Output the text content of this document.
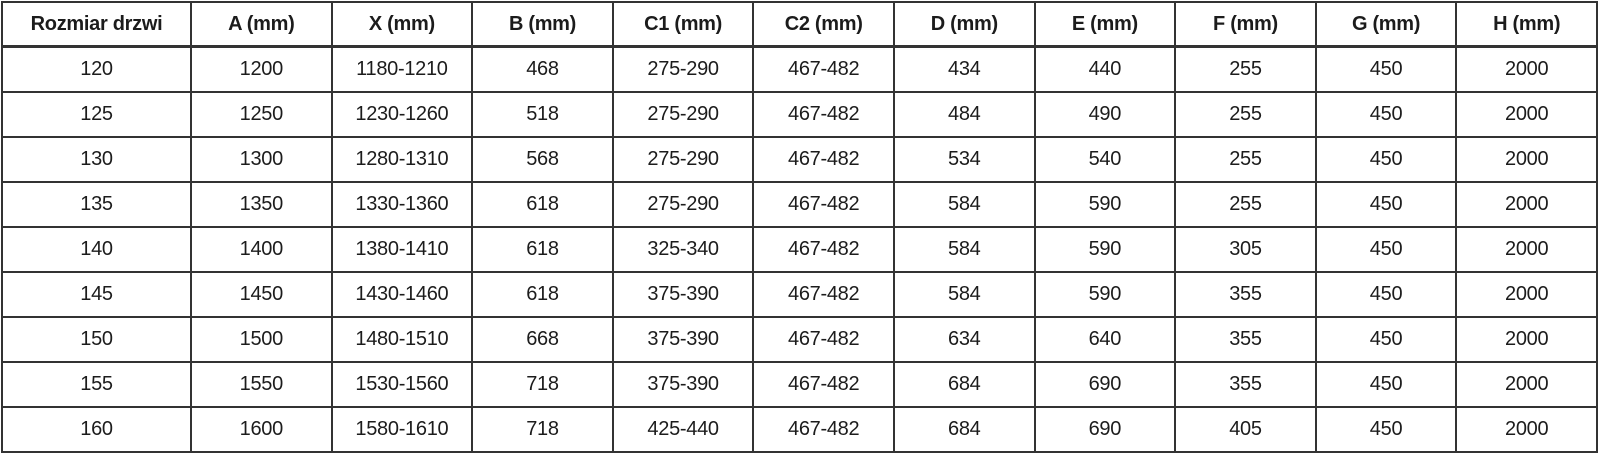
Rozmiar drzwi	A (mm)	X (mm)	B (mm)	C1 (mm)	C2 (mm)	D (mm)	E (mm)	F (mm)	G (mm)	H (mm)
120	1200	1180-1210	468	275-290	467-482	434	440	255	450	2000
125	1250	1230-1260	518	275-290	467-482	484	490	255	450	2000
130	1300	1280-1310	568	275-290	467-482	534	540	255	450	2000
135	1350	1330-1360	618	275-290	467-482	584	590	255	450	2000
140	1400	1380-1410	618	325-340	467-482	584	590	305	450	2000
145	1450	1430-1460	618	375-390	467-482	584	590	355	450	2000
150	1500	1480-1510	668	375-390	467-482	634	640	355	450	2000
155	1550	1530-1560	718	375-390	467-482	684	690	355	450	2000
160	1600	1580-1610	718	425-440	467-482	684	690	405	450	2000
